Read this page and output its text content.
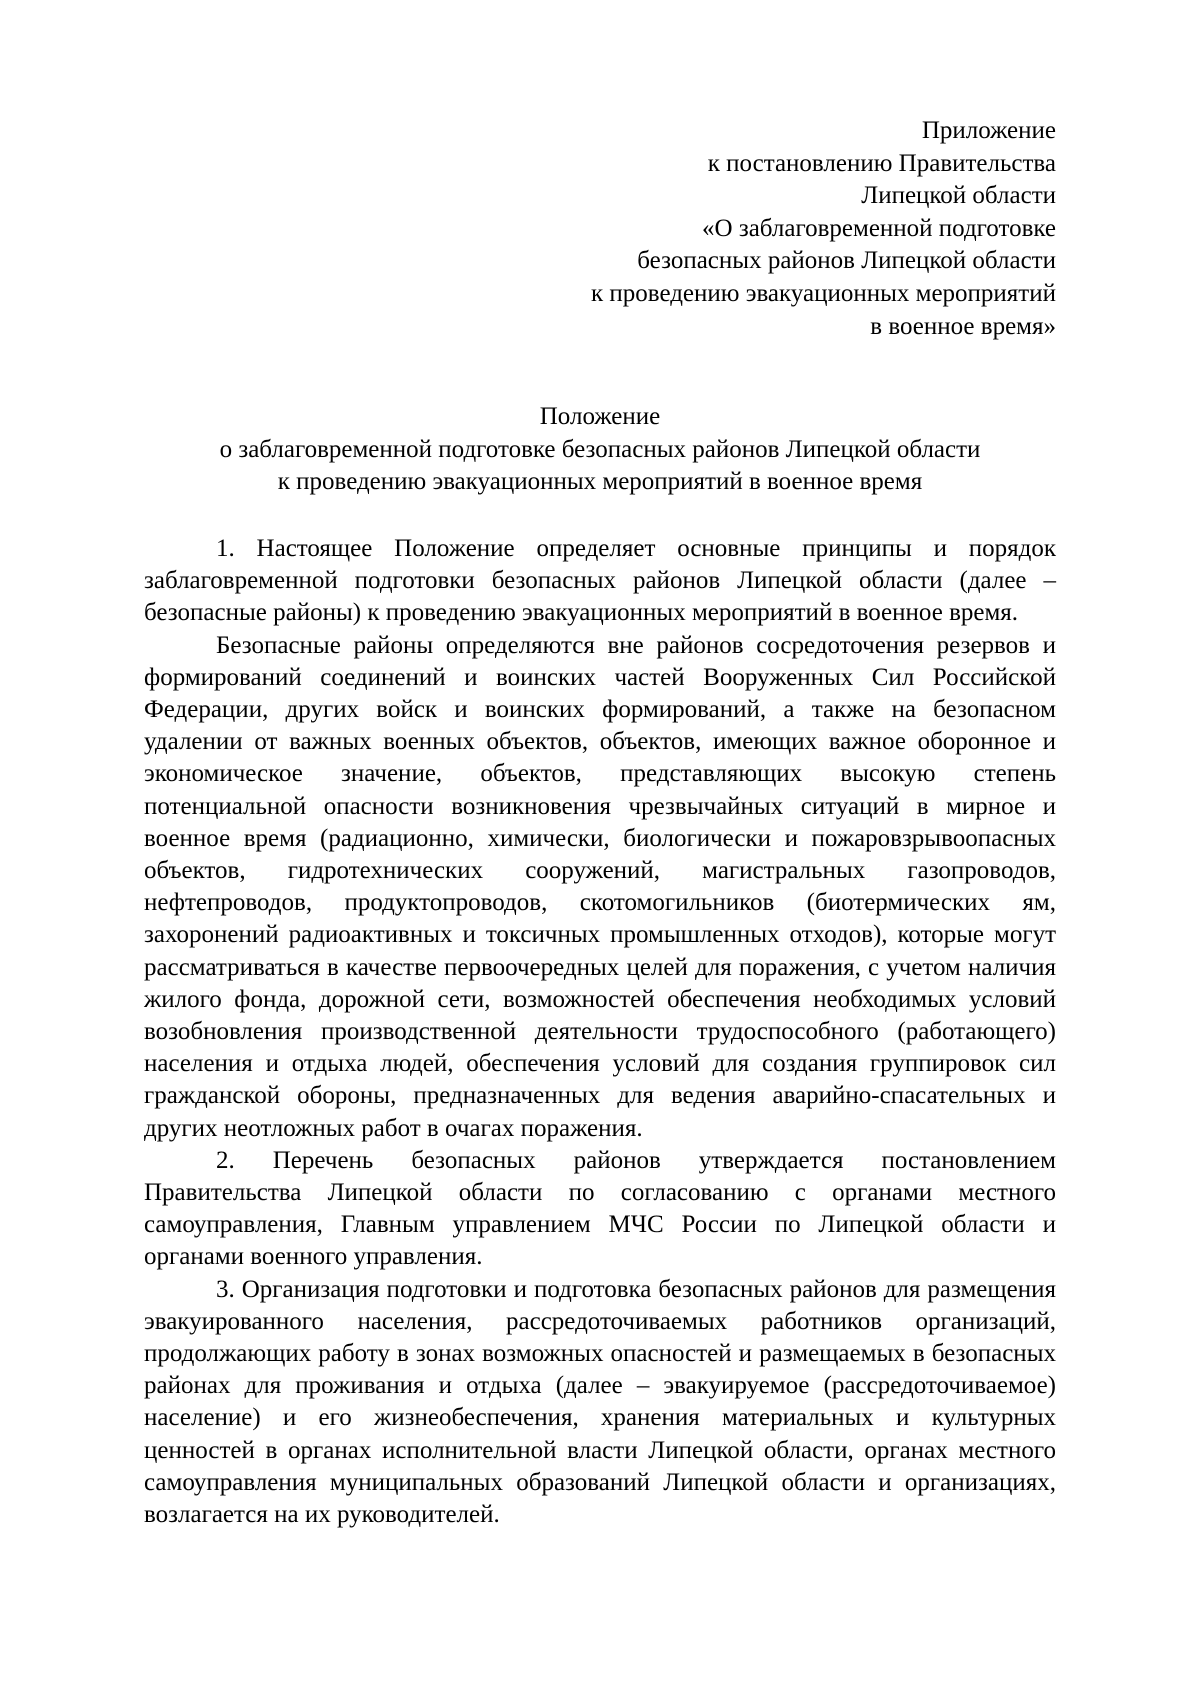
Приложение
к постановлению Правительства
Липецкой области
«О заблаговременной подготовке
безопасных районов Липецкой области
к проведению эвакуационных мероприятий
в военное время»
Положение
о заблаговременной подготовке безопасных районов Липецкой области
к проведению эвакуационных мероприятий в военное время

1. Настоящее Положение определяет основные принципы и порядок заблаговременной подготовки безопасных районов Липецкой области (далее – безопасные районы) к проведению эвакуационных мероприятий в военное время.

Безопасные районы определяются вне районов сосредоточения резервов и формирований соединений и воинских частей Вооруженных Сил Российской Федерации, других войск и воинских формирований, а также на безопасном удалении от важных военных объектов, объектов, имеющих важное оборонное и экономическое значение, объектов, представляющих высокую степень потенциальной опасности возникновения чрезвычайных ситуаций в мирное и военное время (радиационно, химически, биологически и пожаровзрывоопасных объектов, гидротехнических сооружений, магистральных газопроводов, нефтепроводов, продуктопроводов, скотомогильников (биотермических ям, захоронений радиоактивных и токсичных промышленных отходов), которые могут рассматриваться в качестве первоочередных целей для поражения, с учетом наличия жилого фонда, дорожной сети, возможностей обеспечения необходимых условий возобновления производственной деятельности трудоспособного (работающего) населения и отдыха людей, обеспечения условий для создания группировок сил гражданской обороны, предназначенных для ведения аварийно-спасательных и других неотложных работ в очагах поражения.

2. Перечень безопасных районов утверждается постановлением Правительства Липецкой области по согласованию с органами местного самоуправления, Главным управлением МЧС России по Липецкой области и органами военного управления.

3. Организация подготовки и подготовка безопасных районов для размещения эвакуированного населения, рассредоточиваемых работников организаций, продолжающих работу в зонах возможных опасностей и размещаемых в безопасных районах для проживания и отдыха (далее – эвакуируемое (рассредоточиваемое) население) и его жизнеобеспечения, хранения материальных и культурных ценностей в органах исполнительной власти Липецкой области, органах местного самоуправления муниципальных образований Липецкой области и организациях, возлагается на их руководителей.
